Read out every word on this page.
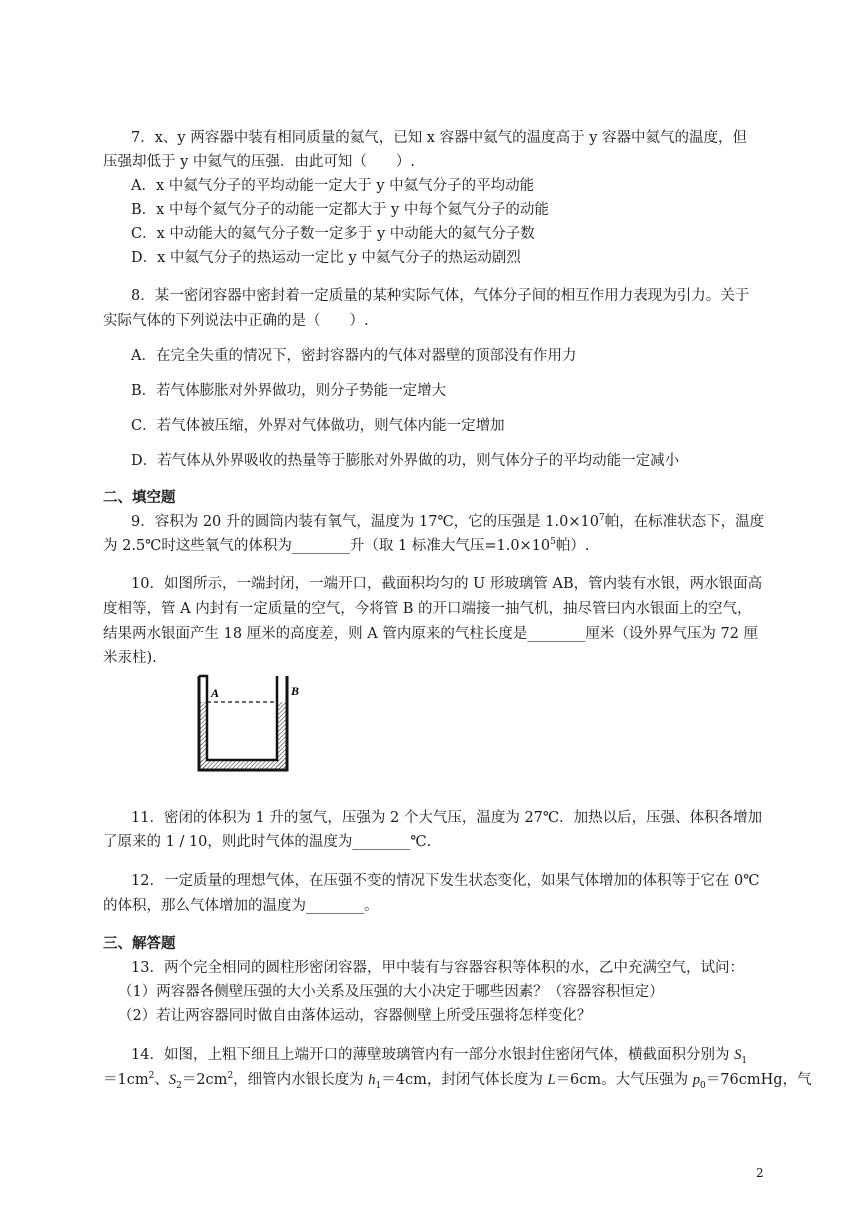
7．x、y 两容器中装有相同质量的氦气，已知 x 容器中氦气的温度高于 y 容器中氦气的温度，但
压强却低于 y 中氦气的压强．由此可知（　　）.
A．x 中氦气分子的平均动能一定大于 y 中氦气分子的平均动能
B．x 中每个氦气分子的动能一定都大于 y 中每个氦气分子的动能
C．x 中动能大的氦气分子数一定多于 y 中动能大的氦气分子数
D．x 中氦气分子的热运动一定比 y 中氦气分子的热运动剧烈
8．某一密闭容器中密封着一定质量的某种实际气体，气体分子间的相互作用力表现为引力。关于
实际气体的下列说法中正确的是（　　）.
A．在完全失重的情况下，密封容器内的气体对器壁的顶部没有作用力
B．若气体膨胀对外界做功，则分子势能一定增大
C．若气体被压缩，外界对气体做功，则气体内能一定增加
D．若气体从外界吸收的热量等于膨胀对外界做的功，则气体分子的平均动能一定减小
二、填空题
9．容积为 20 升的圆筒内装有氧气，温度为 17℃，它的压强是 $1.0\times 10^7$帕，在标准状态下，温度
为 2.5℃时这些氧气的体积为________升（取 1 标准大气压$=1.0\times 10^5$帕）.
10．如图所示，一端封闭，一端开口，截面积均匀的 U 形玻璃管 AB，管内装有水银，两水银面高
度相等，管 A 内封有一定质量的空气，今将管 B 的开口端接一抽气机，抽尽管曰内水银面上的空气，
结果两水银面产生 18 厘米的高度差，则 A 管内原来的气柱长度是________厘米（设外界气压为 72 厘
米汞柱).
A	B
11．密闭的体积为 1 升的氢气，压强为 2 个大气压，温度为 27℃．加热以后，压强、体积各增加
了原来的 1 / 10，则此时气体的温度为________℃.
12．一定质量的理想气体，在压强不变的情况下发生状态变化，如果气体增加的体积等于它在 0℃
的体积，那么气体增加的温度为________。
三、解答题
13．两个完全相同的圆柱形密闭容器，甲中装有与容器容积等体积的水，乙中充满空气，试问：
（1）两容器各侧壁压强的大小关系及压强的大小决定于哪些因素？（容器容积恒定）
（2）若让两容器同时做自由落体运动，容器侧壁上所受压强将怎样变化？
14．如图，上粗下细且上端开口的薄壁玻璃管内有一部分水银封住密闭气体，横截面积分别为 $S_1$
$=1cm^2$、$S_2=2cm^2$，细管内水银长度为 $h_1=4cm$，封闭气体长度为 L＝6cm。大气压强为 $p_0=76cmHg$，气
2
